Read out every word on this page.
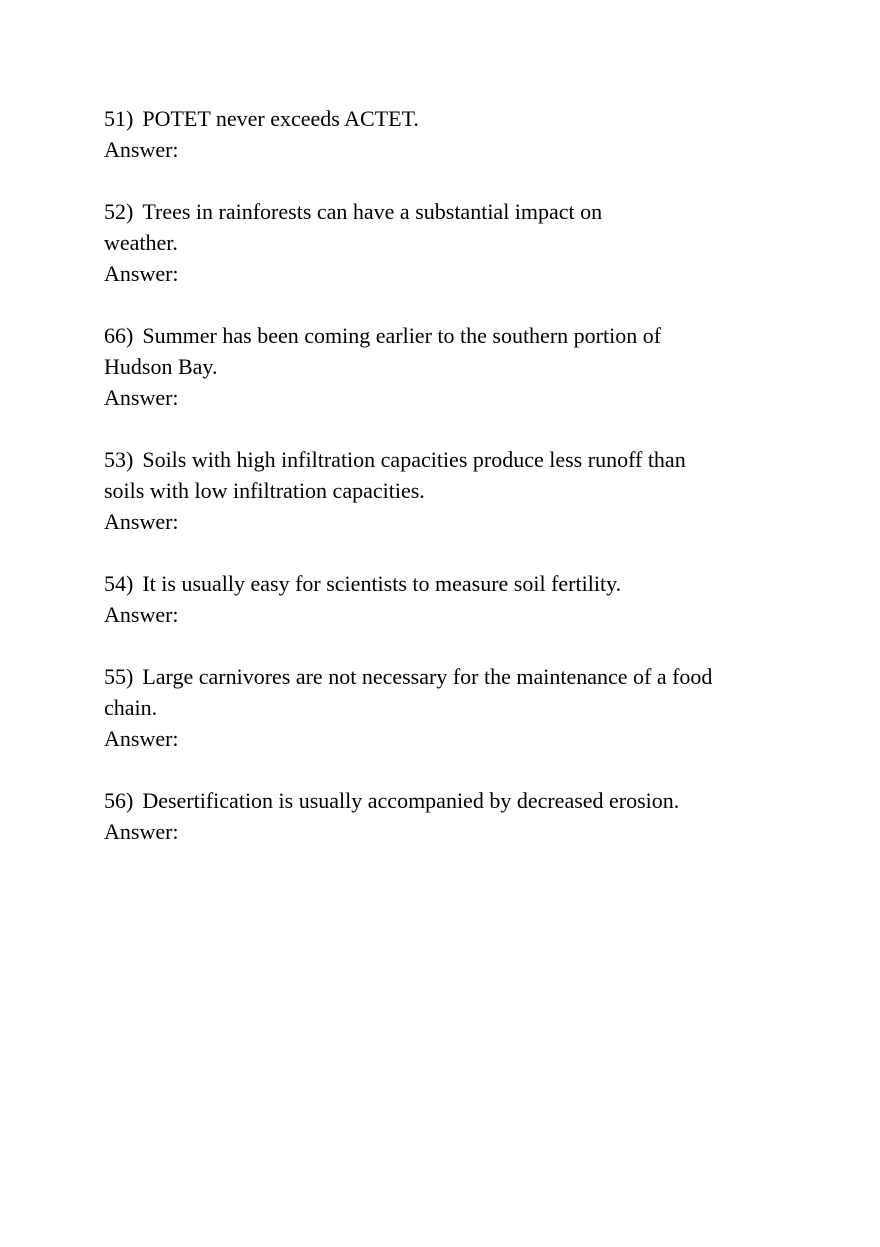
51) POTET never exceeds ACTET.

Answer:

52) Trees in rainforests can have a substantial impact on weather.

Answer:

66) Summer has been coming earlier to the southern portion of Hudson Bay.

Answer:

53) Soils with high infiltration capacities produce less runoff than soils with low infiltration capacities.

Answer:

54) It is usually easy for scientists to measure soil fertility.

Answer:

55) Large carnivores are not necessary for the maintenance of a food chain.

Answer:

56) Desertification is usually accompanied by decreased erosion.

Answer:
